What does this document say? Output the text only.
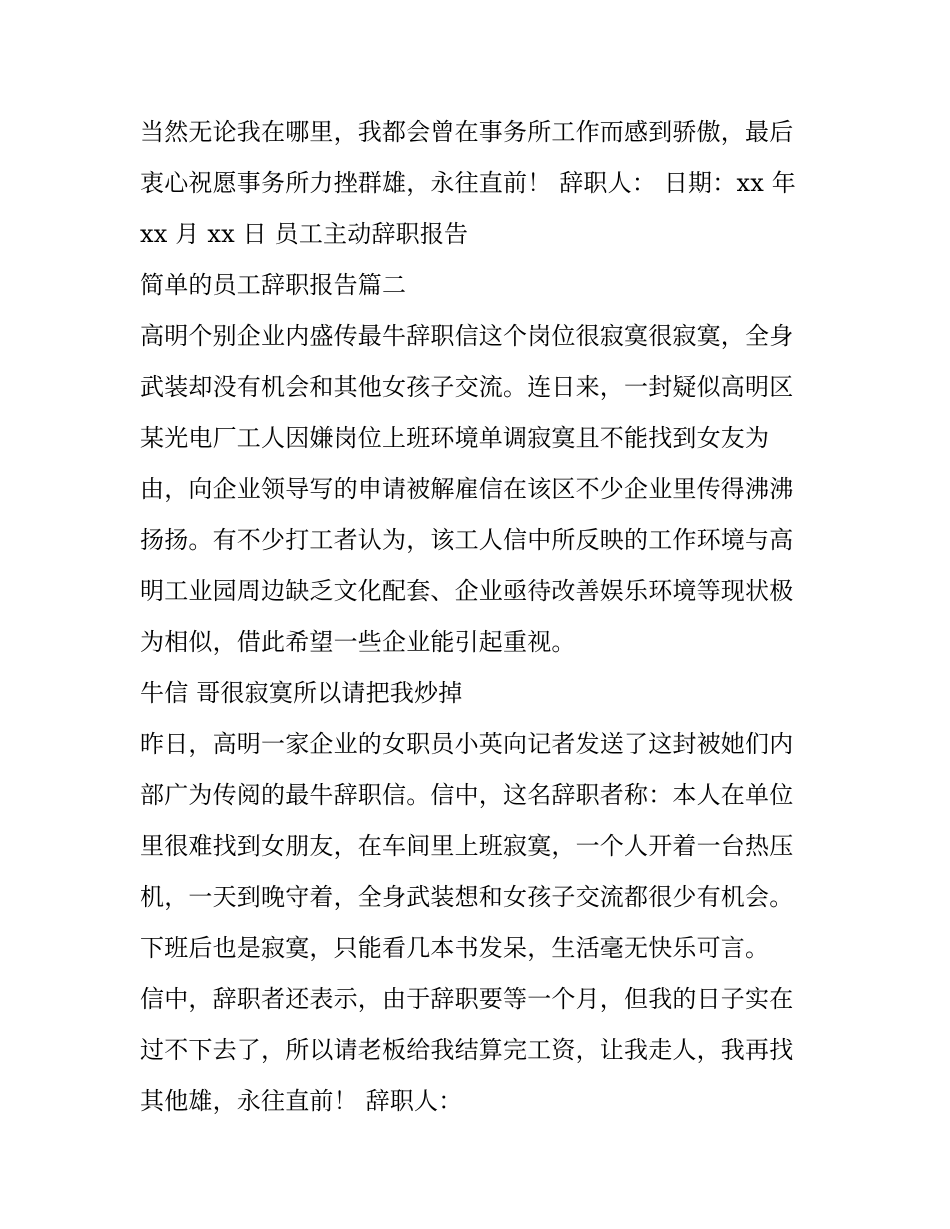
当然无论我在哪里，我都会曾在事务所工作而感到骄傲，最后
衷心祝愿事务所力挫群雄，永往直前！ 辞职人： 日期：xx 年
xx 月 xx 日 员工主动辞职报告
简单的员工辞职报告篇二
高明个别企业内盛传最牛辞职信这个岗位很寂寞很寂寞，全身
武装却没有机会和其他女孩子交流。连日来，一封疑似高明区
某光电厂工人因嫌岗位上班环境单调寂寞且不能找到女友为
由，向企业领导写的申请被解雇信在该区不少企业里传得沸沸
扬扬。有不少打工者认为，该工人信中所反映的工作环境与高
明工业园周边缺乏文化配套、企业亟待改善娱乐环境等现状极
为相似，借此希望一些企业能引起重视。
牛信 哥很寂寞所以请把我炒掉
昨日，高明一家企业的女职员小英向记者发送了这封被她们内
部广为传阅的最牛辞职信。信中，这名辞职者称：本人在单位
里很难找到女朋友，在车间里上班寂寞，一个人开着一台热压
机，一天到晚守着，全身武装想和女孩子交流都很少有机会。
下班后也是寂寞，只能看几本书发呆，生活毫无快乐可言。
信中，辞职者还表示，由于辞职要等一个月，但我的日子实在
过不下去了，所以请老板给我结算完工资，让我走人，我再找
其他雄，永往直前！ 辞职人：
